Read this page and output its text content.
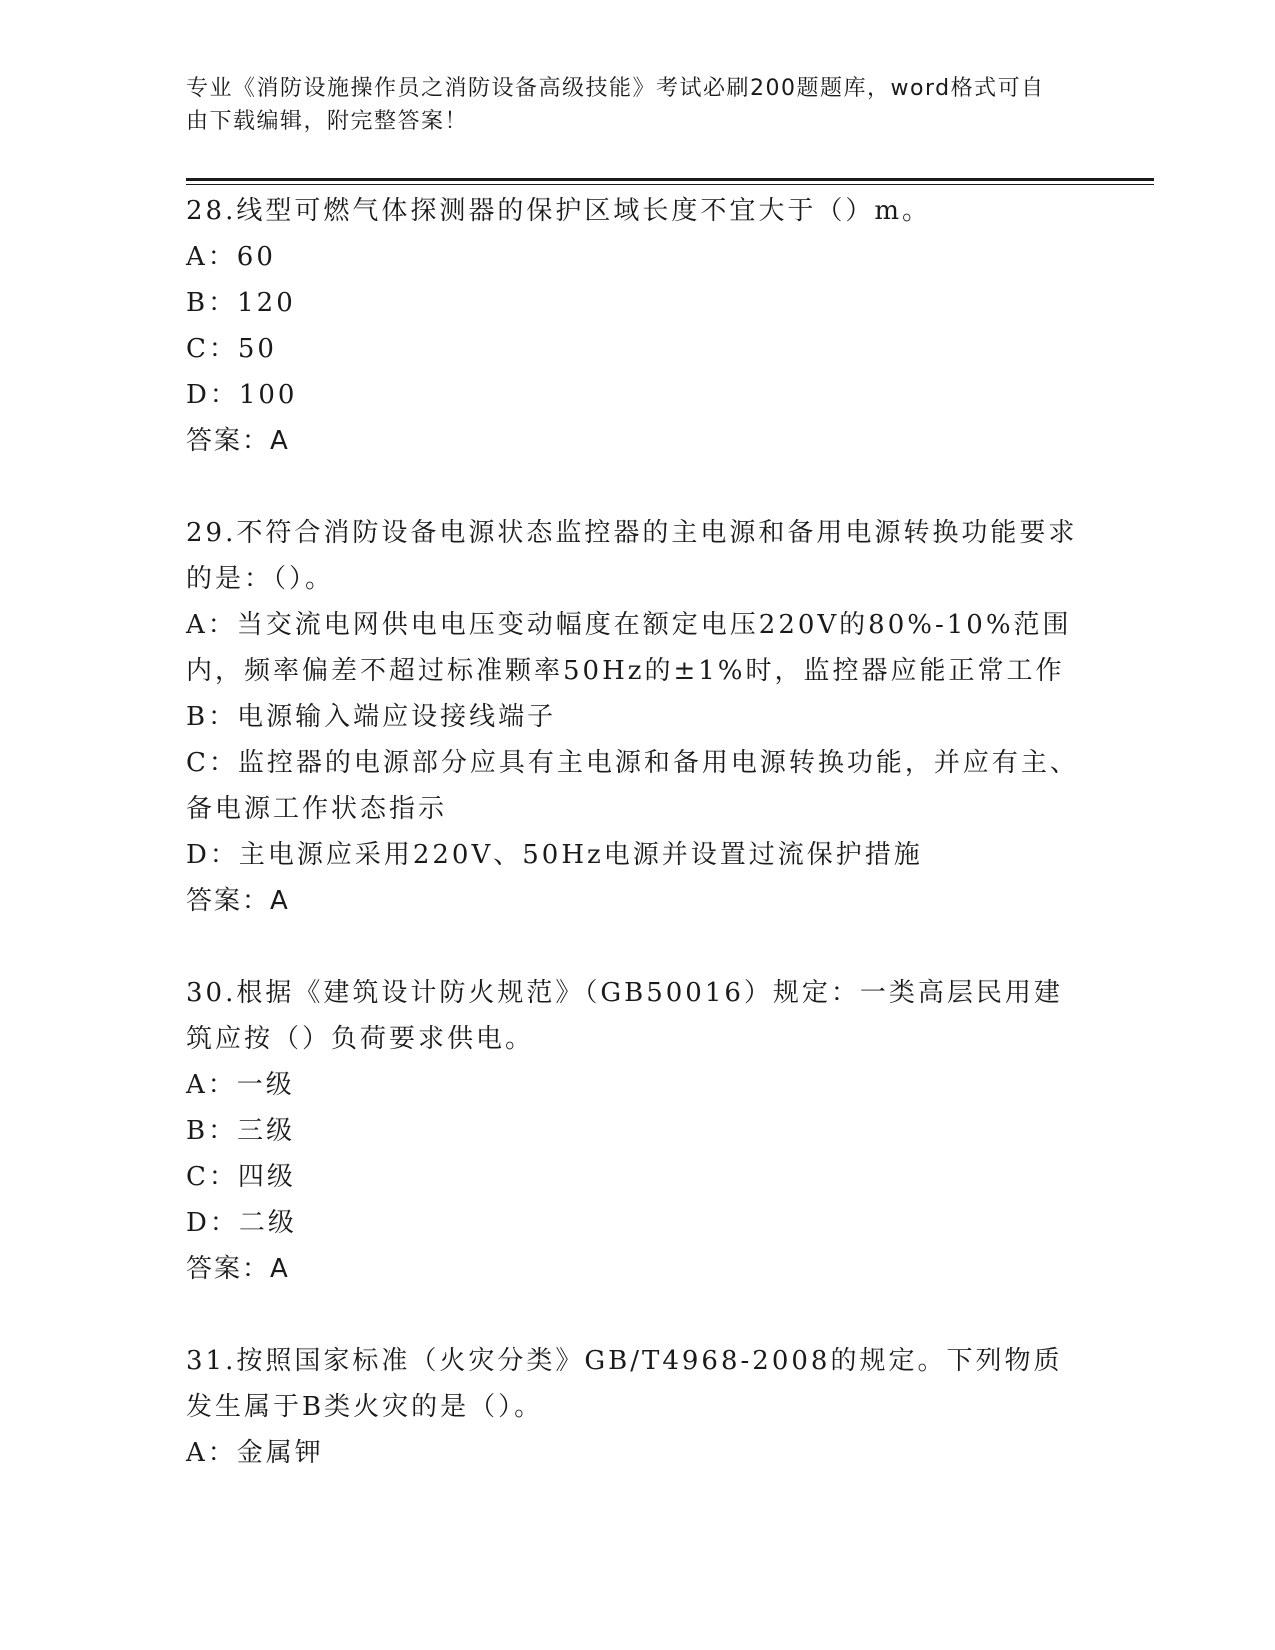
专业《消防设施操作员之消防设备高级技能》考试必刷200题题库，word格式可自由下载编辑，附完整答案！

28.线型可燃气体探测器的保护区域长度不宜大于（）m。

A：60

B：120

C：50

D：100

答案：A

29.不符合消防设备电源状态监控器的主电源和备用电源转换功能要求的是：（）。

A：当交流电网供电电压变动幅度在额定电压220V的80%-10%范围内，频率偏差不超过标准颗率50Hz的±1%时，监控器应能正常工作

B：电源输入端应设接线端子

C：监控器的电源部分应具有主电源和备用电源转换功能，并应有主、备电源工作状态指示

D：主电源应采用220V、50Hz电源并设置过流保护措施

答案：A

30.根据《建筑设计防火规范》（GB50016）规定：一类高层民用建筑应按（）负荷要求供电。

A：一级

B：三级

C：四级

D：二级

答案：A

31.按照国家标准（火灾分类》GB/T4968-2008的规定。下列物质发生属于B类火灾的是（）。

A：金属钾
